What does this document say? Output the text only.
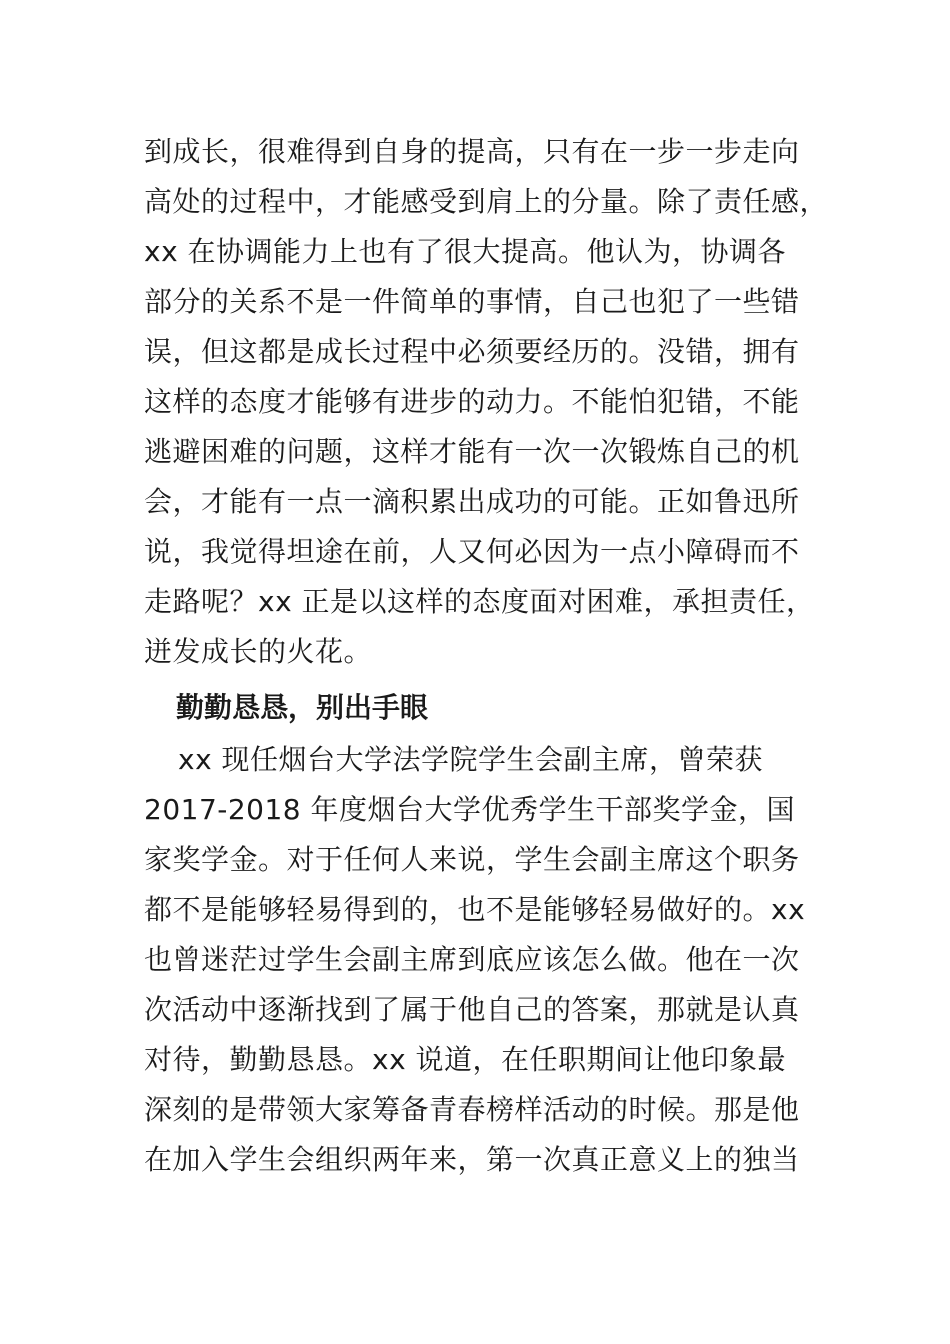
到成长，很难得到自身的提高，只有在一步一步走向
高处的过程中，才能感受到肩上的分量。除了责任感，
xx 在协调能力上也有了很大提高。他认为，协调各
部分的关系不是一件简单的事情，自己也犯了一些错
误，但这都是成长过程中必须要经历的。没错，拥有
这样的态度才能够有进步的动力。不能怕犯错，不能
逃避困难的问题，这样才能有一次一次锻炼自己的机
会，才能有一点一滴积累出成功的可能。正如鲁迅所
说，我觉得坦途在前，人又何必因为一点小障碍而不
走路呢？xx 正是以这样的态度面对困难，承担责任，
迸发成长的火花。
勤勤恳恳，别出手眼
xx 现任烟台大学法学院学生会副主席，曾荣获
2017-2018 年度烟台大学优秀学生干部奖学金，国
家奖学金。对于任何人来说，学生会副主席这个职务
都不是能够轻易得到的，也不是能够轻易做好的。xx
也曾迷茫过学生会副主席到底应该怎么做。他在一次
次活动中逐渐找到了属于他自己的答案，那就是认真
对待，勤勤恳恳。xx 说道，在任职期间让他印象最
深刻的是带领大家筹备青春榜样活动的时候。那是他
在加入学生会组织两年来，第一次真正意义上的独当
